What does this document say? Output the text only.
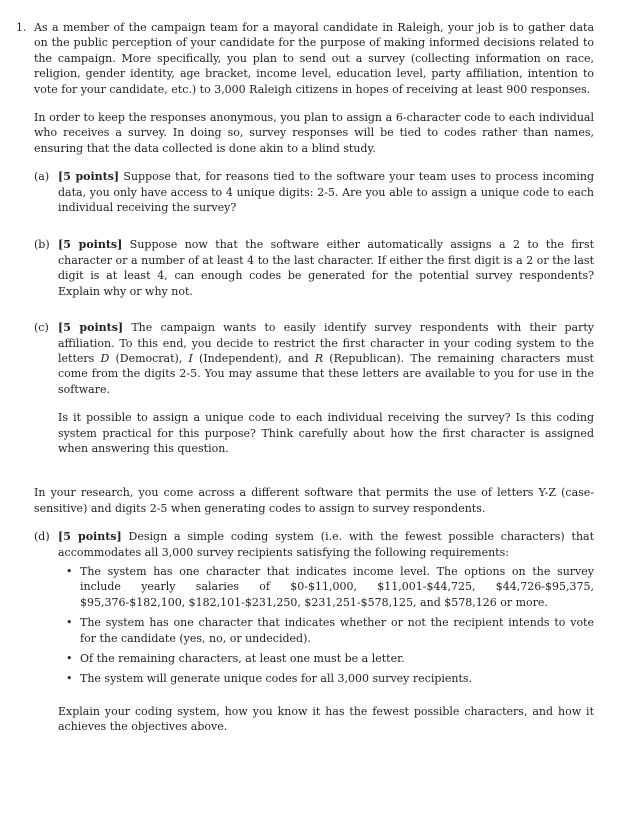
1. As a member of the campaign team for a mayoral candidate in Raleigh, your job is to gather data on the public perception of your candidate for the purpose of making informed decisions related to the campaign. More specifically, you plan to send out a survey (collecting information on race, religion, gender identity, age bracket, income level, education level, party affiliation, intention to vote for your candidate, etc.) to 3,000 Raleigh citizens in hopes of receiving at least 900 responses.

In order to keep the responses anonymous, you plan to assign a 6-character code to each individual who receives a survey. In doing so, survey responses will be tied to codes rather than names, ensuring that the data collected is done akin to a blind study.

(a) [5 points] Suppose that, for reasons tied to the software your team uses to process incoming data, you only have access to 4 unique digits: 2-5. Are you able to assign a unique code to each individual receiving the survey?

(b) [5 points] Suppose now that the software either automatically assigns a 2 to the first character or a number of at least 4 to the last character. If either the first digit is a 2 or the last digit is at least 4, can enough codes be generated for the potential survey respondents? Explain why or why not.

(c) [5 points] The campaign wants to easily identify survey respondents with their party affiliation. To this end, you decide to restrict the first character in your coding system to the letters D (Democrat), I (Independent), and R (Republican). The remaining characters must come from the digits 2-5. You may assume that these letters are available to you for use in the software.

Is it possible to assign a unique code to each individual receiving the survey? Is this coding system practical for this purpose? Think carefully about how the first character is assigned when answering this question.

In your research, you come across a different software that permits the use of letters Y-Z (case-sensitive) and digits 2-5 when generating codes to assign to survey respondents.

(d) [5 points] Design a simple coding system (i.e. with the fewest possible characters) that accommodates all 3,000 survey recipients satisfying the following requirements:

• The system has one character that indicates income level. The options on the survey include yearly salaries of $0-$11,000, $11,001-$44,725, $44,726-$95,375, $95,376-$182,100, $182,101-$231,250, $231,251-$578,125, and $578,126 or more.
• The system has one character that indicates whether or not the recipient intends to vote for the candidate (yes, no, or undecided).
• Of the remaining characters, at least one must be a letter.
• The system will generate unique codes for all 3,000 survey recipients.

Explain your coding system, how you know it has the fewest possible characters, and how it achieves the objectives above.
